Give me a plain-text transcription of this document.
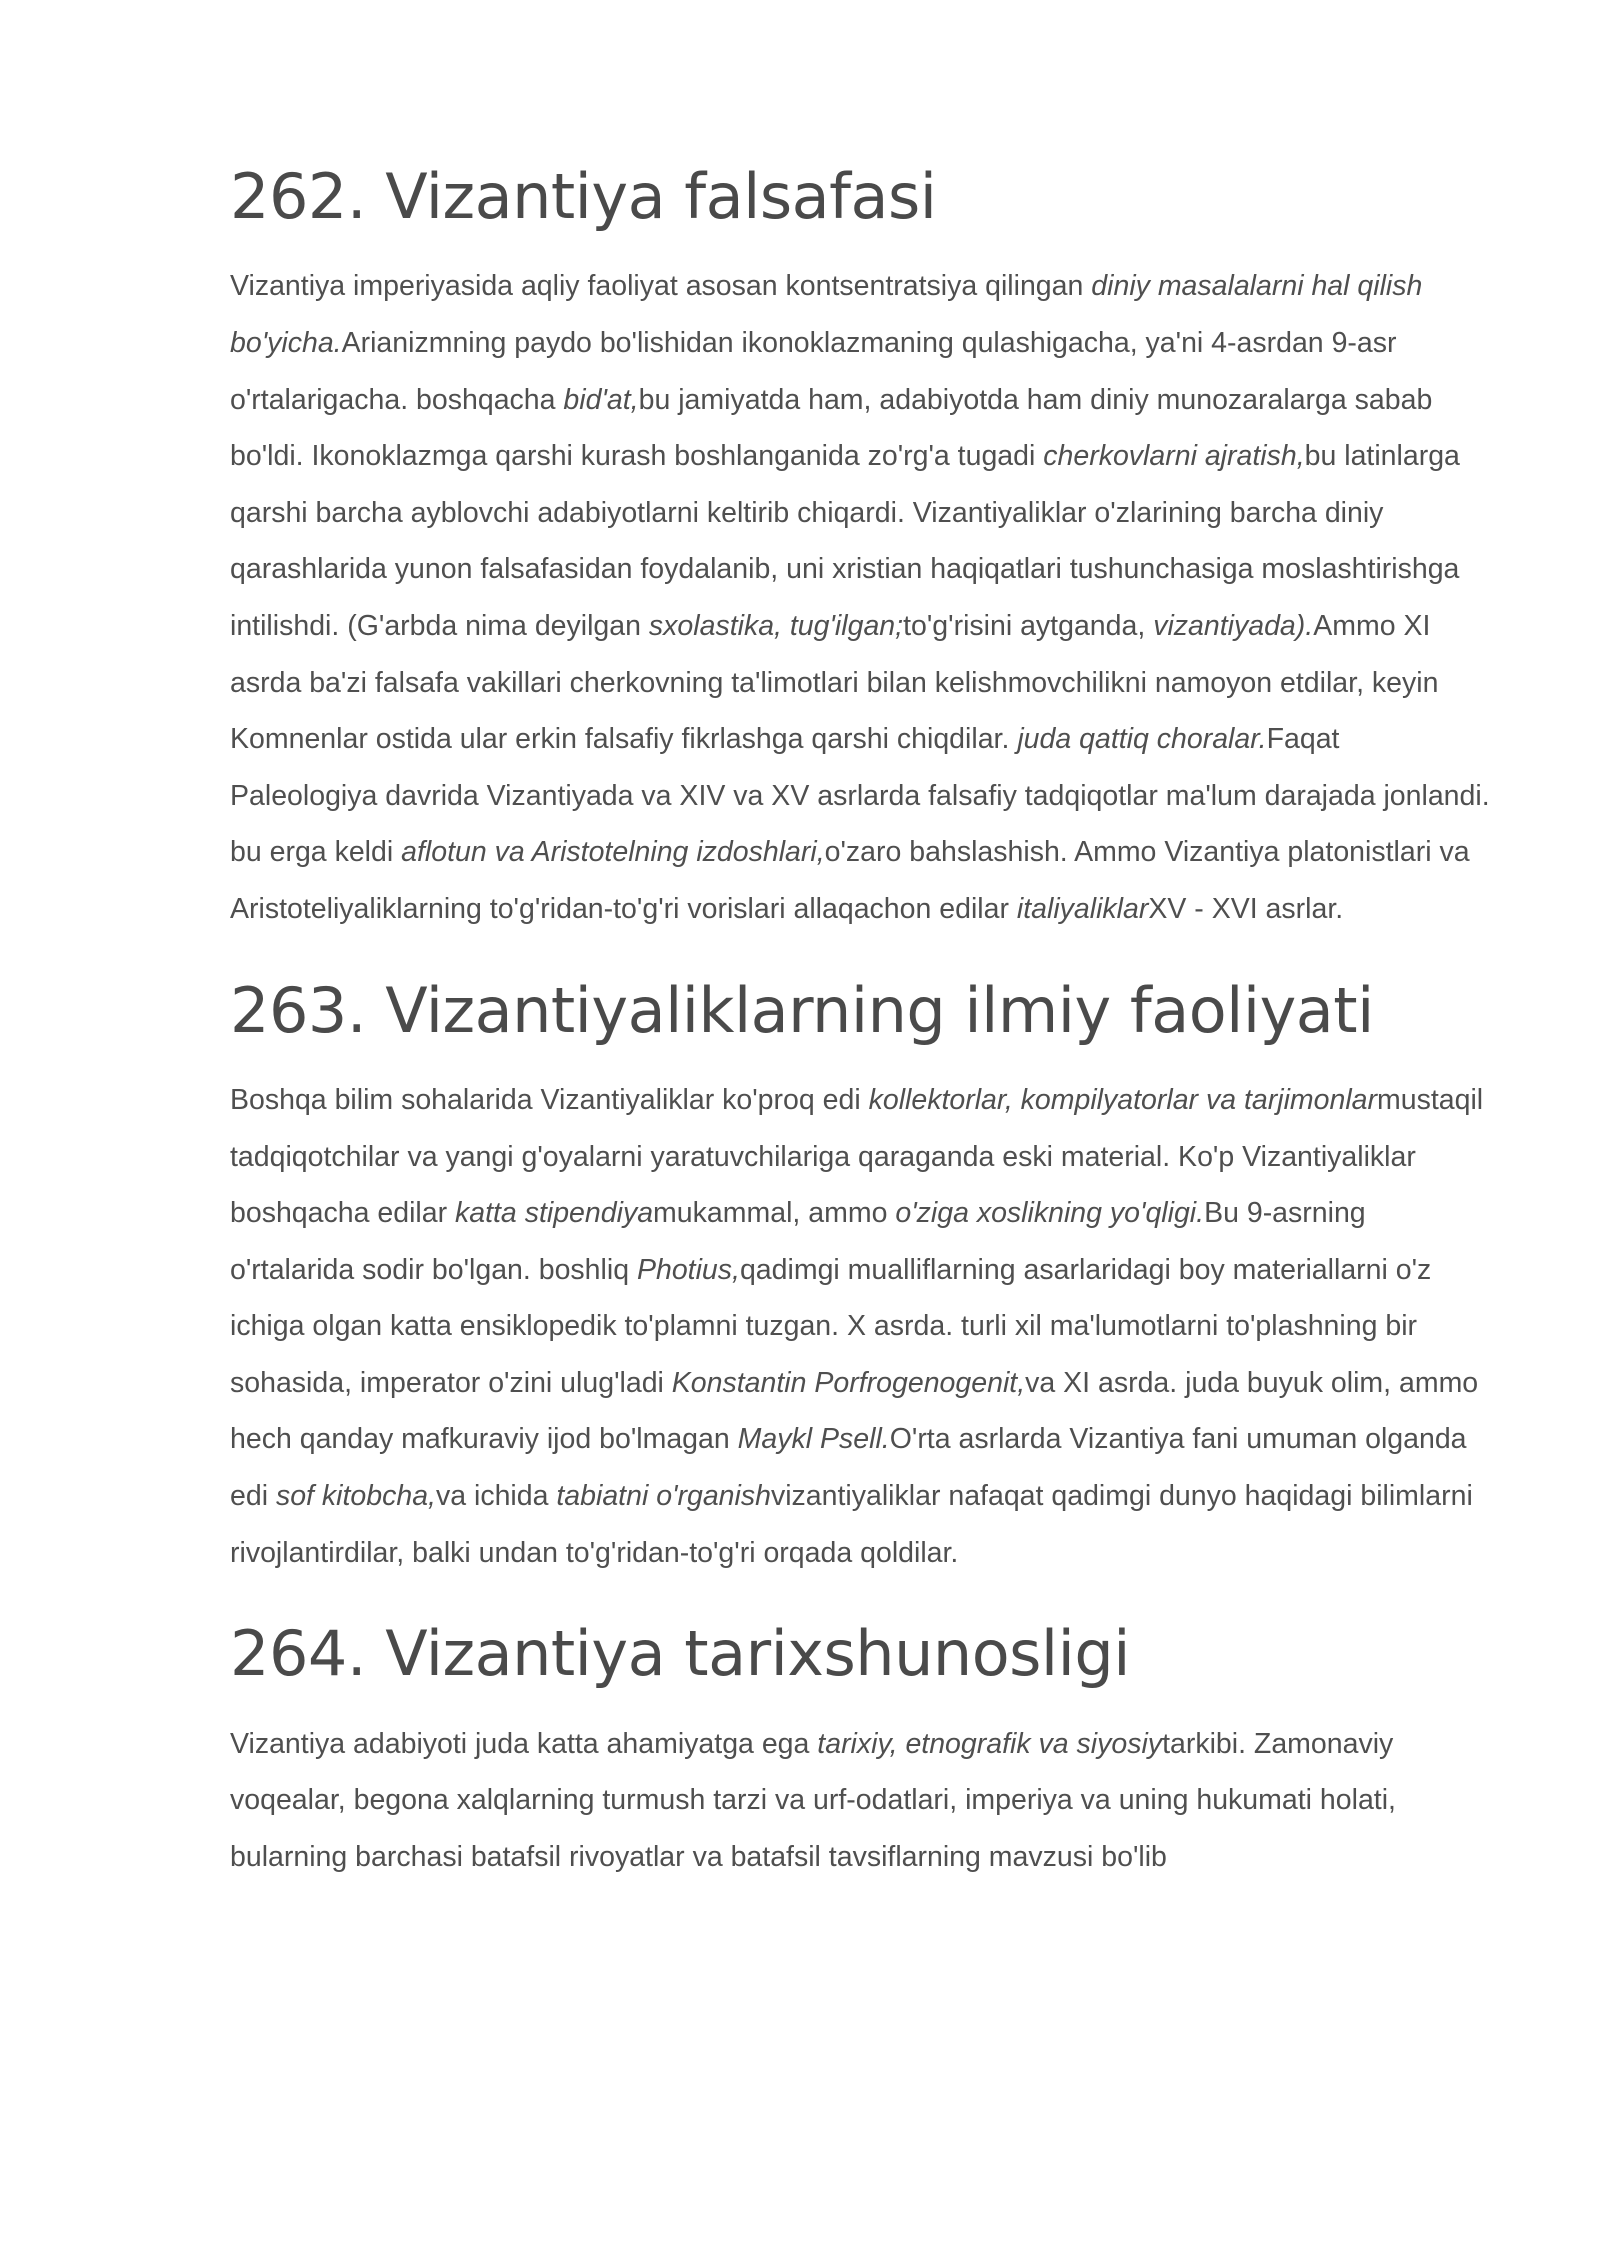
262. Vizantiya falsafasi

Vizantiya imperiyasida aqliy faoliyat asosan kontsentratsiya qilingan diniy masalalarni hal qilish bo'yicha.Arianizmning paydo bo'lishidan ikonoklazmaning qulashigacha, ya'ni 4-asrdan 9-asr o'rtalarigacha. boshqacha bid'at,bu jamiyatda ham, adabiyotda ham diniy munozaralarga sabab bo'ldi. Ikonoklazmga qarshi kurash boshlanganida zo'rg'a tugadi cherkovlarni ajratish,bu latinlarga qarshi barcha ayblovchi adabiyotlarni keltirib chiqardi. Vizantiyaliklar o'zlarining barcha diniy qarashlarida yunon falsafasidan foydalanib, uni xristian haqiqatlari tushunchasiga moslashtirishga intilishdi. (G'arbda nima deyilgan sxolastika, tug'ilgan;to'g'risini aytganda, vizantiyada).Ammo XI asrda ba'zi falsafa vakillari cherkovning ta'limotlari bilan kelishmovchilikni namoyon etdilar, keyin Komnenlar ostida ular erkin falsafiy fikrlashga qarshi chiqdilar. juda qattiq choralar.Faqat Paleologiya davrida Vizantiyada va XIV va XV asrlarda falsafiy tadqiqotlar ma'lum darajada jonlandi. bu erga keldi aflotun va Aristotelning izdoshlari,o'zaro bahslashish. Ammo Vizantiya platonistlari va Aristoteliyaliklarning to'g'ridan-to'g'ri vorislari allaqachon edilar italiyaliklarXV - XVI asrlar.

263. Vizantiyaliklarning ilmiy faoliyati

Boshqa bilim sohalarida Vizantiyaliklar ko'proq edi kollektorlar, kompilyatorlar va tarjimonlarmustaqil tadqiqotchilar va yangi g'oyalarni yaratuvchilariga qaraganda eski material. Ko'p Vizantiyaliklar boshqacha edilar katta stipendiyamukammal, ammo o'ziga xoslikning yo'qligi.Bu 9-asrning o'rtalarida sodir bo'lgan. boshliq Photius,qadimgi mualliflarning asarlaridagi boy materiallarni o'z ichiga olgan katta ensiklopedik to'plamni tuzgan. X asrda. turli xil ma'lumotlarni to'plashning bir sohasida, imperator o'zini ulug'ladi Konstantin Porfrogenogenit,va XI asrda. juda buyuk olim, ammo hech qanday mafkuraviy ijod bo'lmagan Maykl Psell.O'rta asrlarda Vizantiya fani umuman olganda edi sof kitobcha,va ichida tabiatni o'rganishvizantiyaliklar nafaqat qadimgi dunyo haqidagi bilimlarni rivojlantirdilar, balki undan to'g'ridan-to'g'ri orqada qoldilar.

264. Vizantiya tarixshunosligi

Vizantiya adabiyoti juda katta ahamiyatga ega tarixiy, etnografik va siyosiytarkibi. Zamonaviy voqealar, begona xalqlarning turmush tarzi va urf-odatlari, imperiya va uning hukumati holati, bularning barchasi batafsil rivoyatlar va batafsil tavsiflarning mavzusi bo'lib
